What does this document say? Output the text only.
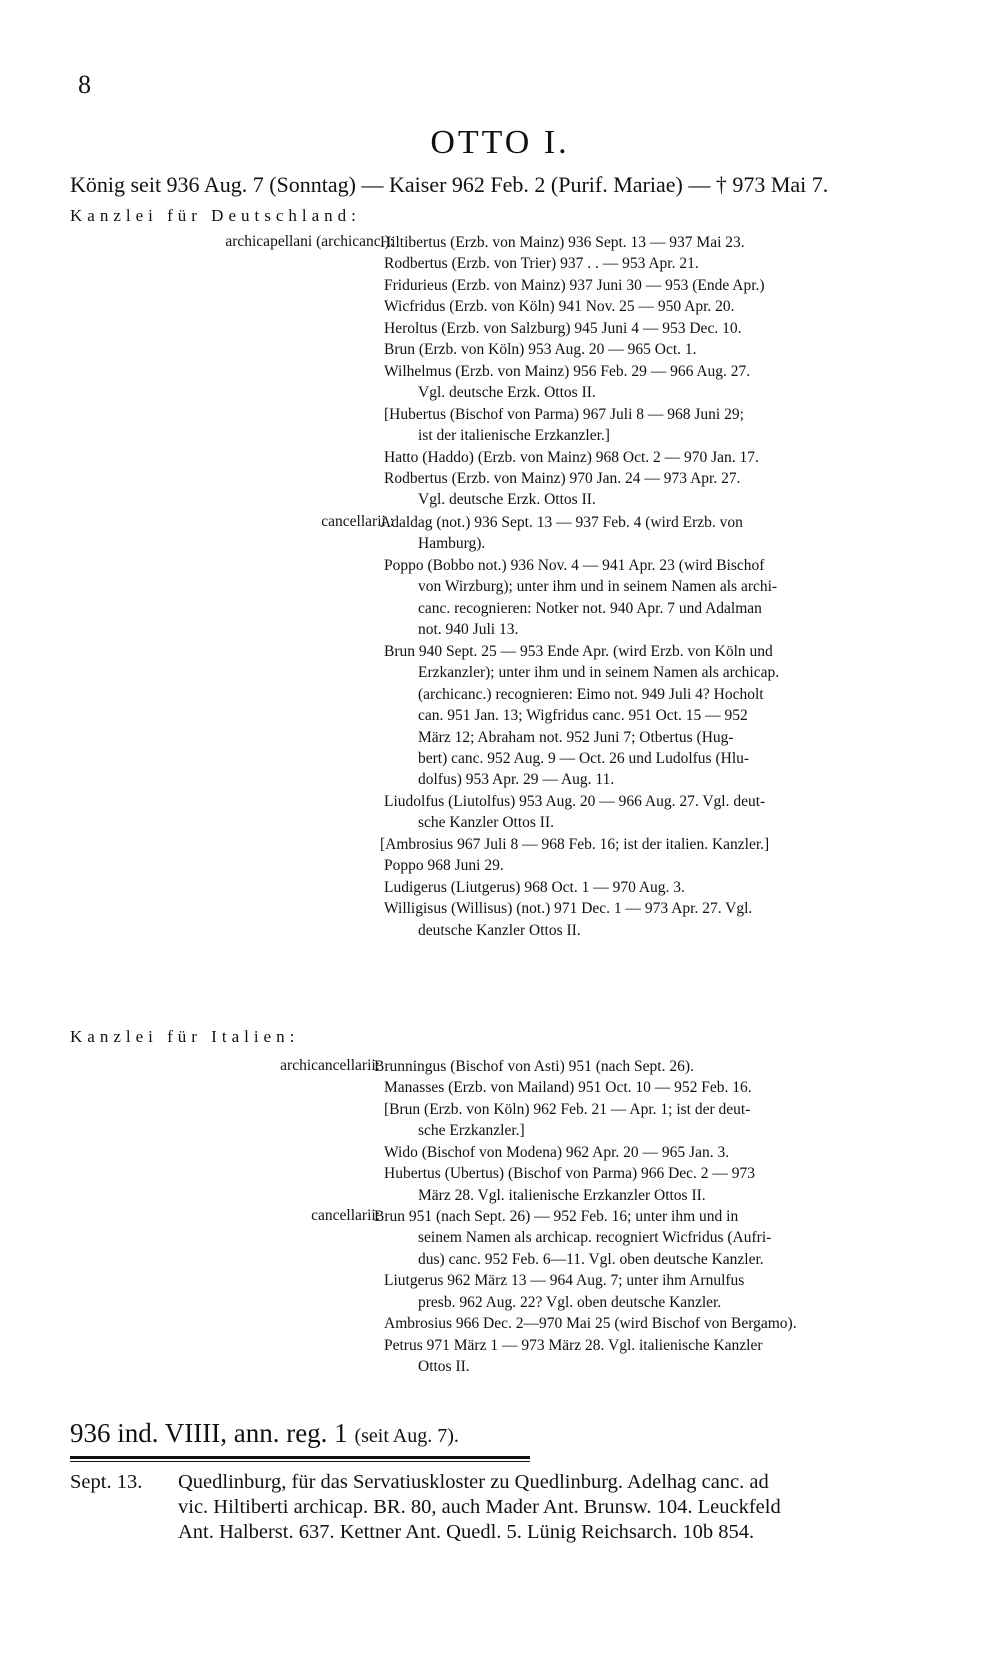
8
OTTO I.
König seit 936 Aug. 7 (Sonntag) — Kaiser 962 Feb. 2 (Purif. Mariae) — † 973 Mai 7.
Kanzlei für Deutschland:
archicapellani (archicanc.):
Hiltibertus (Erzb. von Mainz) 936 Sept. 13 — 937 Mai 23.
Rodbertus (Erzb. von Trier) 937 . . — 953 Apr. 21.
Fridurieus (Erzb. von Mainz) 937 Juni 30 — 953 (Ende Apr.)
Wicfridus (Erzb. von Köln) 941 Nov. 25 — 950 Apr. 20.
Heroltus (Erzb. von Salzburg) 945 Juni 4 — 953 Dec. 10.
Brun (Erzb. von Köln) 953 Aug. 20 — 965 Oct. 1.
Wilhelmus (Erzb. von Mainz) 956 Feb. 29 — 966 Aug. 27.
Vgl. deutsche Erzk. Ottos II.
[Hubertus (Bischof von Parma) 967 Juli 8 — 968 Juni 29;
ist der italienische Erzkanzler.]
Hatto (Haddo) (Erzb. von Mainz) 968 Oct. 2 — 970 Jan. 17.
Rodbertus (Erzb. von Mainz) 970 Jan. 24 — 973 Apr. 27.
Vgl. deutsche Erzk. Ottos II.
cancellarii :
Adaldag (not.) 936 Sept. 13 — 937 Feb. 4 (wird Erzb. von
Hamburg).
Poppo (Bobbo not.) 936 Nov. 4 — 941 Apr. 23 (wird Bischof
von Wirzburg); unter ihm und in seinem Namen als archi-
canc. recognieren: Notker not. 940 Apr. 7 und Adalman
not. 940 Juli 13.
Brun 940 Sept. 25 — 953 Ende Apr. (wird Erzb. von Köln und
Erzkanzler); unter ihm und in seinem Namen als archicap.
(archicanc.) recognieren: Eimo not. 949 Juli 4? Hocholt
can. 951 Jan. 13; Wigfridus canc. 951 Oct. 15 — 952
März 12; Abraham not. 952 Juni 7; Otbertus (Hug-
bert) canc. 952 Aug. 9 — Oct. 26 und Ludolfus (Hlu-
dolfus) 953 Apr. 29 — Aug. 11.
Liudolfus (Liutolfus) 953 Aug. 20 — 966 Aug. 27. Vgl. deut-
sche Kanzler Ottos II.
[Ambrosius 967 Juli 8 — 968 Feb. 16; ist der italien. Kanzler.]
Poppo 968 Juni 29.
Ludigerus (Liutgerus) 968 Oct. 1 — 970 Aug. 3.
Willigisus (Willisus) (not.) 971 Dec. 1 — 973 Apr. 27. Vgl.
deutsche Kanzler Ottos II.
Kanzlei für Italien:
archicancellarii:
Brunningus (Bischof von Asti) 951 (nach Sept. 26).
Manasses (Erzb. von Mailand) 951 Oct. 10 — 952 Feb. 16.
[Brun (Erzb. von Köln) 962 Feb. 21 — Apr. 1; ist der deut-
sche Erzkanzler.]
Wido (Bischof von Modena) 962 Apr. 20 — 965 Jan. 3.
Hubertus (Ubertus) (Bischof von Parma) 966 Dec. 2 — 973
März 28. Vgl. italienische Erzkanzler Ottos II.
cancellarii:
Brun 951 (nach Sept. 26) — 952 Feb. 16; unter ihm und in
seinem Namen als archicap. recogniert Wicfridus (Aufri-
dus) canc. 952 Feb. 6—11. Vgl. oben deutsche Kanzler.
Liutgerus 962 März 13 — 964 Aug. 7; unter ihm Arnulfus
presb. 962 Aug. 22? Vgl. oben deutsche Kanzler.
Ambrosius 966 Dec. 2—970 Mai 25 (wird Bischof von Bergamo).
Petrus 971 März 1 — 973 März 28. Vgl. italienische Kanzler
Ottos II.
936 ind. VIIII, ann. reg. 1 (seit Aug. 7).
Sept. 13. Quedlinburg, für das Servatiuskloster zu Quedlinburg. Adelhag canc. ad
vic. Hiltiberti archicap. BR. 80, auch Mader Ant. Brunsw. 104. Leuckfeld
Ant. Halberst. 637. Kettner Ant. Quedl. 5. Lünig Reichsarch. 10b 854.
